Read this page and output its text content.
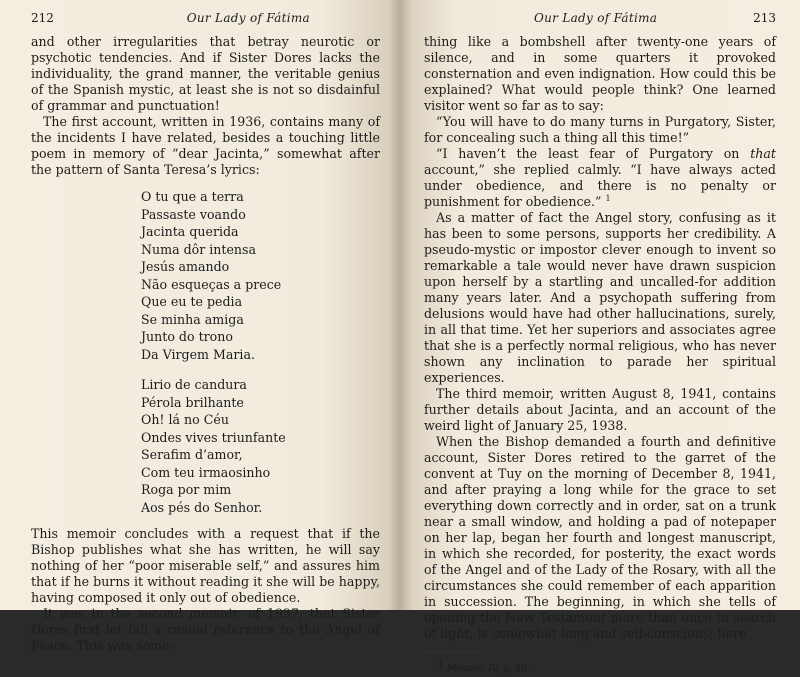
212	Our Lady of Fátima

and other irregularities that betray neurotic or psychotic tendencies. And if Sister Dores lacks the individuality, the grand manner, the veritable genius of the Spanish mystic, at least she is not so disdainful of grammar and punctuation!

The first account, written in 1936, contains many of the incidents I have related, besides a touching little poem in memory of “dear Jacinta,” somewhat after the pattern of Santa Teresa’s lyrics:

O tu que a terra
Passaste voando
Jacinta querida
Numa dôr intensa
Jesús amando
Não esqueças a prece
Que eu te pedia
Se minha amiga
Junto do trono
Da Virgem Maria.
Lirio de candura
Pérola brilhante
Oh! lá no Céu
Ondes vives triunfante
Serafim d’amor,
Com teu irmaosinho
Roga por mim
Aos pés do Senhor.

This memoir concludes with a request that if the Bishop publishes what she has written, he will say nothing of her “poor miserable self,” and assures him that if he burns it without reading it she will be happy, having composed it only out of obedience.

It was in the second memoir, of 1937, that Sister Dores first let fall a casual reference to the Angel of Peace. This was some-

Our Lady of Fátima	213

thing like a bombshell after twenty-one years of silence, and in some quarters it provoked consternation and even indignation. How could this be explained? What would people think? One learned visitor went so far as to say:

“You will have to do many turns in Purgatory, Sister, for concealing such a thing all this time!”

“I haven’t the least fear of Purgatory on that account,” she replied calmly. “I have always acted under obedience, and there is no penalty or punishment for obedience.” $^1$

As a matter of fact the Angel story, confusing as it has been to some persons, supports her credibility. A pseudo-mystic or impostor clever enough to invent so remarkable a tale would never have drawn suspicion upon herself by a startling and uncalled-for addition many years later. And a psychopath suffering from delusions would have had other hallucinations, surely, in all that time. Yet her superiors and associates agree that she is a perfectly normal religious, who has never shown any inclination to parade her spiritual experiences.

The third memoir, written August 8, 1941, contains further details about Jacinta, and an account of the weird light of January 25, 1938.

When the Bishop demanded a fourth and definitive account, Sister Dores retired to the garret of the convent at Tuy on the morning of December 8, 1941, and after praying a long while for the grace to set everything down correctly and in order, sat on a trunk near a small window, and holding a pad of notepaper on her lap, began her fourth and longest manuscript, in which she recorded, for posterity, the exact words of the Angel and of the Lady of the Rosary, with all the circumstances she could remember of each apparition in succession. The beginning, in which she tells of opening the New Testament more than once in search of light, is somewhat long and self-conscious; here

$^1$ Memoir IV, p. 30.
